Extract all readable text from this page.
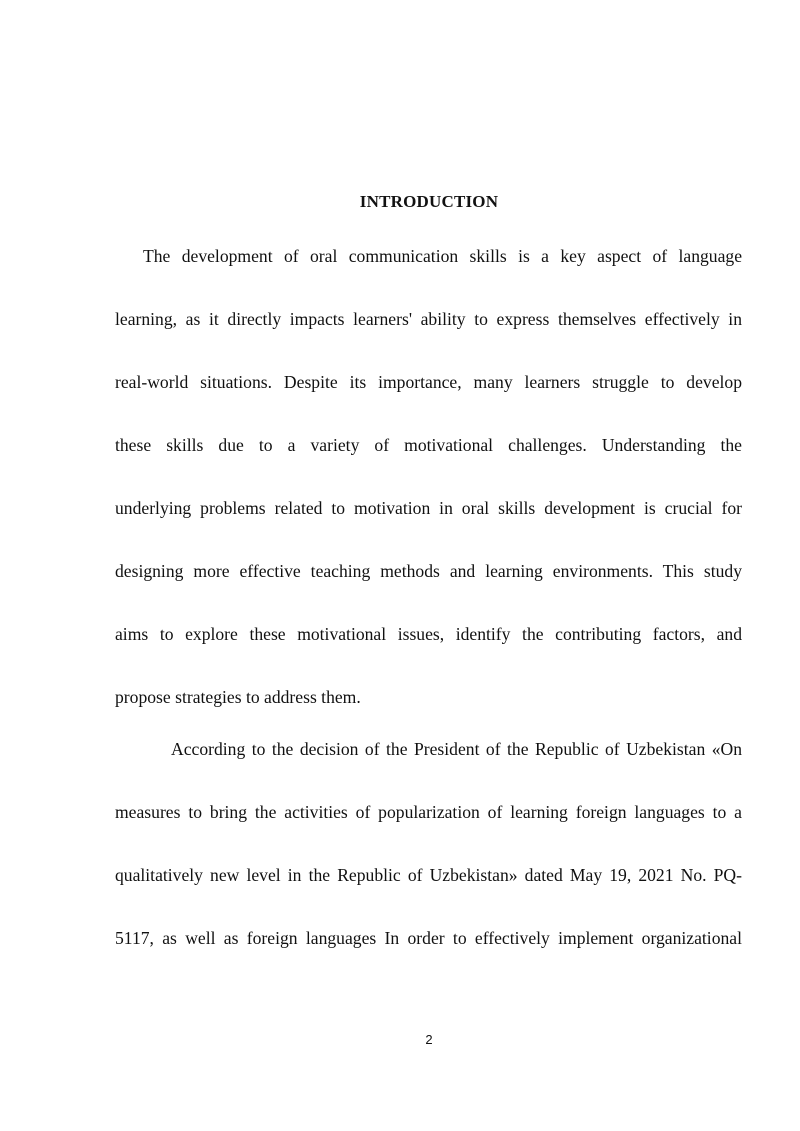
INTRODUCTION
The development of oral communication skills is a key aspect of language
learning, as it directly impacts learners' ability to express themselves effectively in
real-world situations. Despite its importance, many learners struggle to develop
these skills due to a variety of motivational challenges. Understanding the
underlying problems related to motivation in oral skills development is crucial for
designing more effective teaching methods and learning environments. This study
aims to explore these motivational issues, identify the contributing factors, and
propose strategies to address them.
According to the decision of the President of the Republic of Uzbekistan «On
measures to bring the activities of popularization of learning foreign languages to a
qualitatively new level in the Republic of Uzbekistan» dated May 19, 2021 No. PQ-
5117, as well as foreign languages In order to effectively implement organizational
2
